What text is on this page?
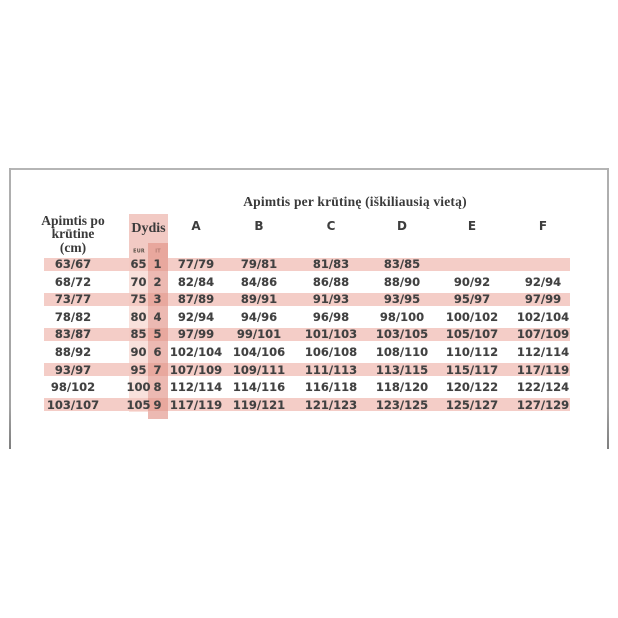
Apimtis per krūtinę (iškiliausią vietą)
Apimtis po
krūtine
(cm)
Dydis
EUR
A	B	C	D	E	F
63/67	65 1 77/79 79/81	81/83	83/85
68/72	70 2 82/84 84/86	86/88	88/90	90/92	92/94
73/77	75 3 87/89 89/91	91/93	93/95	95/97	97/99
78/82	80 4 92/94 94/96	96/98	98/100 100/102 102/104
83/87	85 5 97/99 99/101 101/103 103/105 105/107 107/109
88/92	90 6 102/104 104/106 106/108 108/110 110/112 112/114
93/97	95 7 107/109 109/111 111/113 113/115 115/117 117/119
98/102	100 8 112/114 114/116 116/118 118/120 120/122 122/124
103/107 105 9 117/119 119/121 121/123 123/125 125/127 127/129
